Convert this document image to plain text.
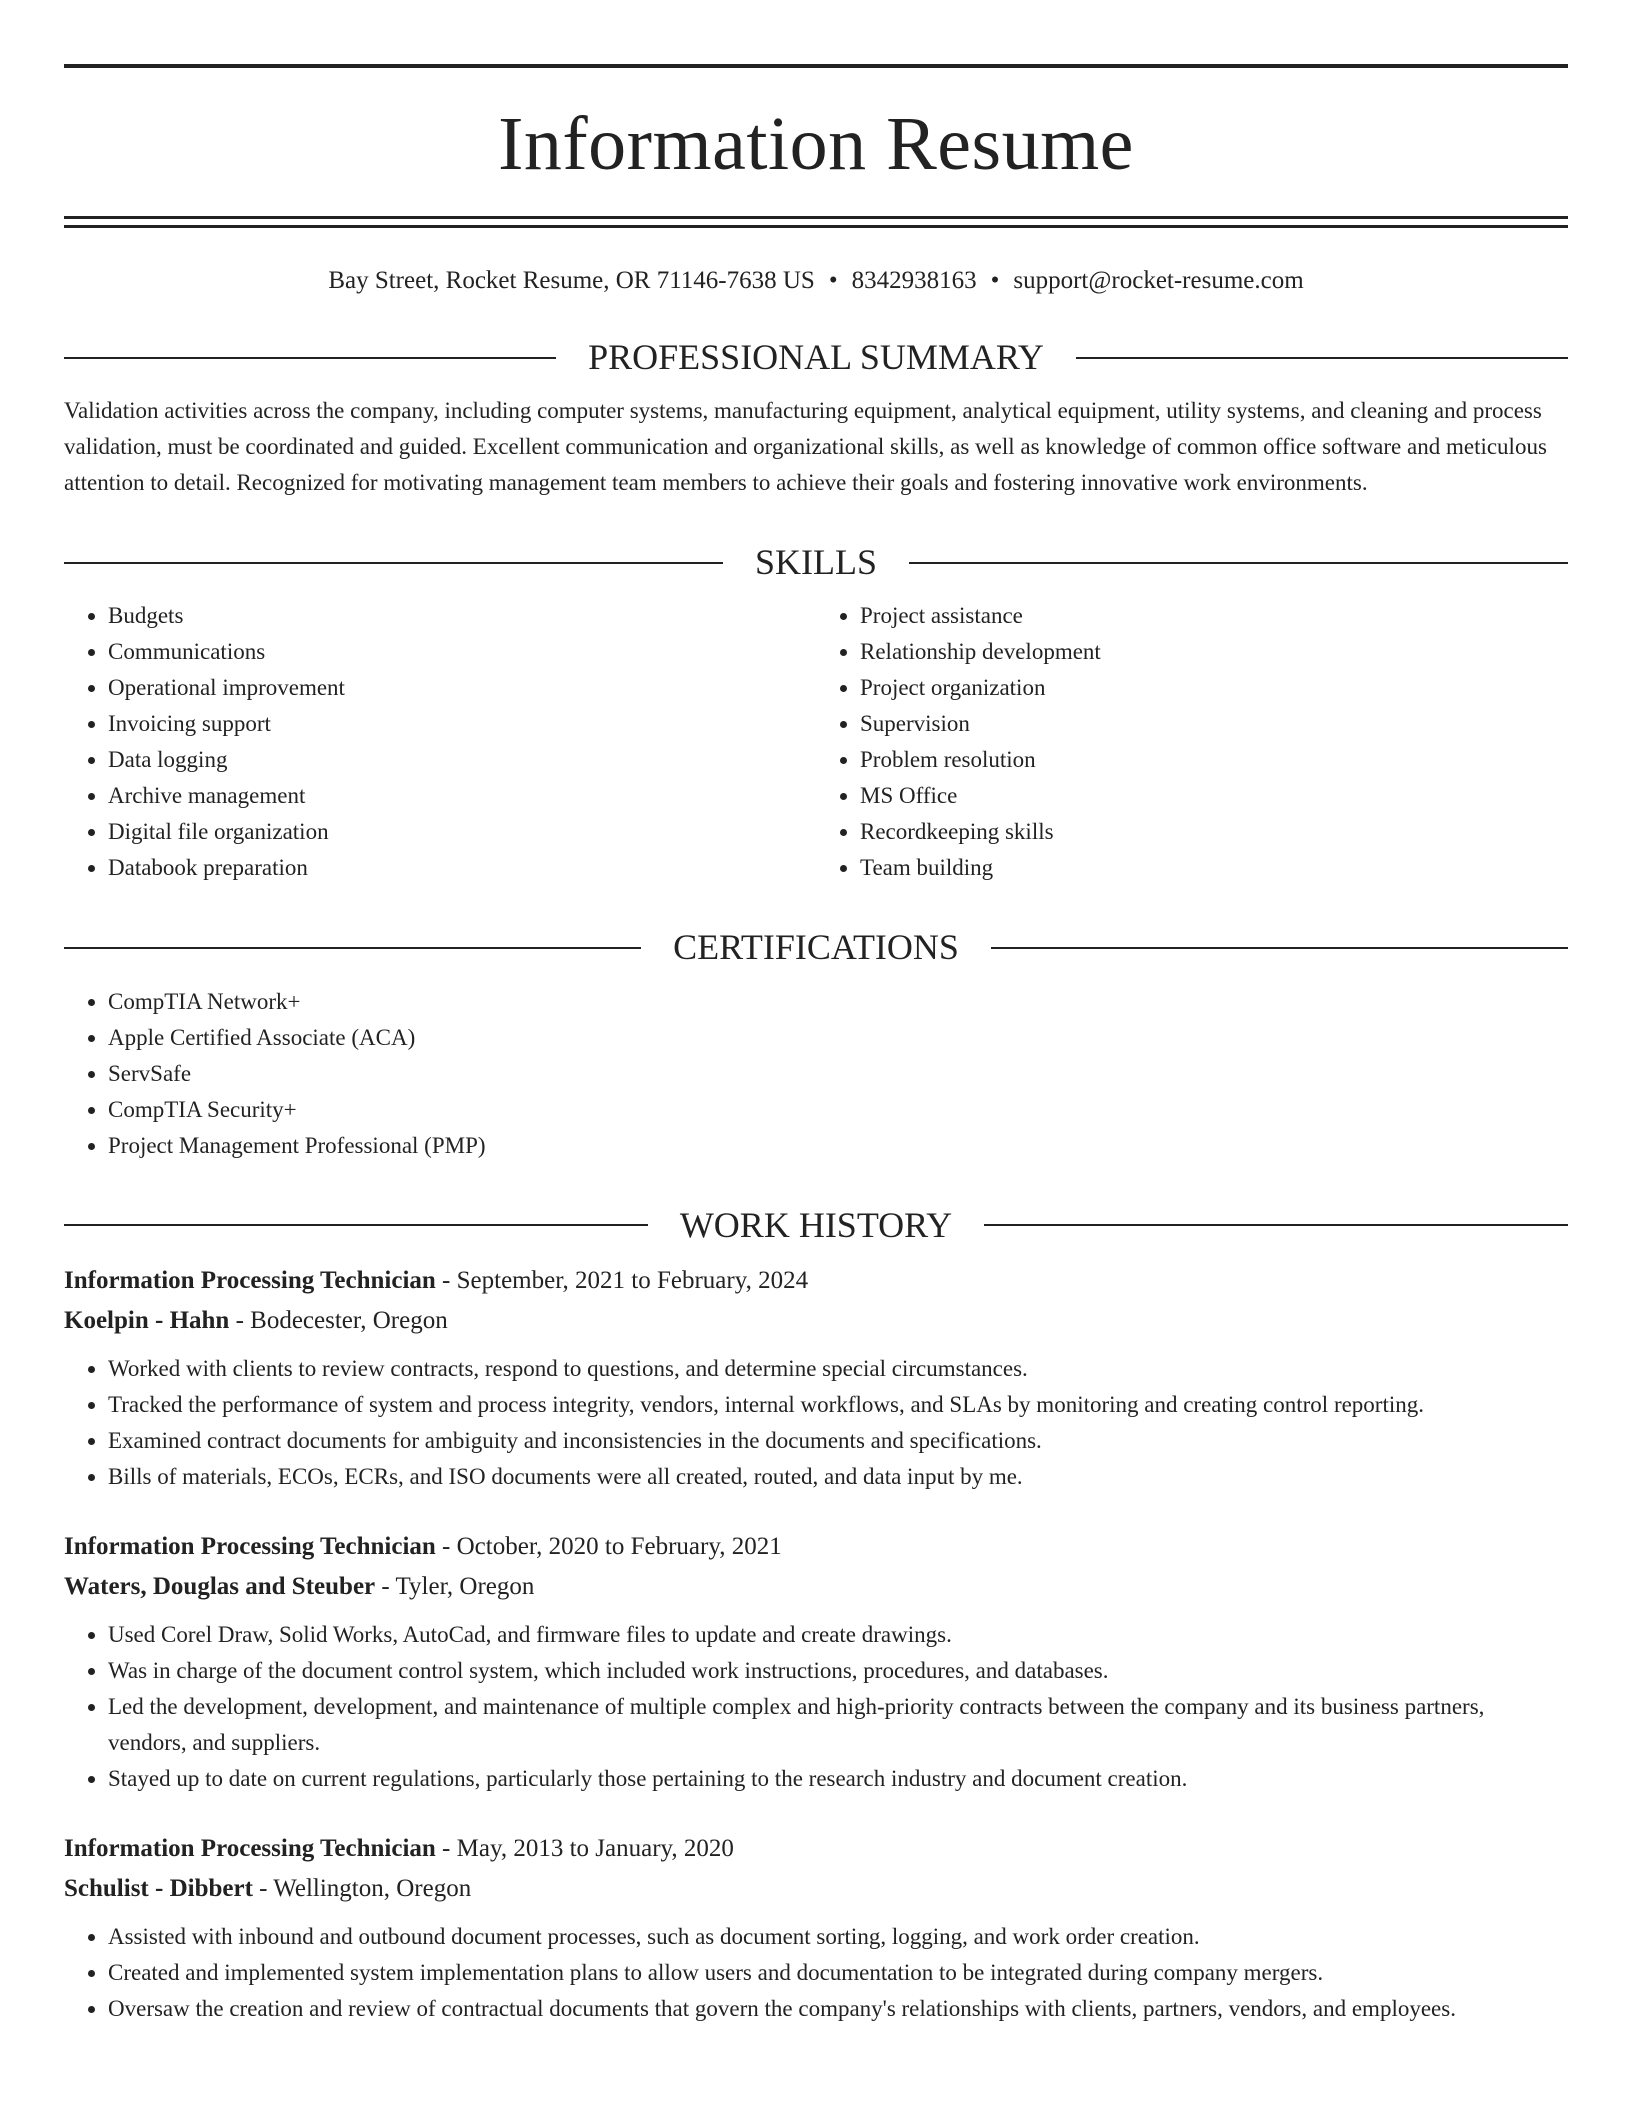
Information Resume
Bay Street, Rocket Resume, OR 71146-7638 US • 8342938163 • support@rocket-resume.com
PROFESSIONAL SUMMARY

Validation activities across the company, including computer systems, manufacturing equipment, analytical equipment, utility systems, and cleaning and process validation, must be coordinated and guided. Excellent communication and organizational skills, as well as knowledge of common office software and meticulous attention to detail. Recognized for motivating management team members to achieve their goals and fostering innovative work environments.

SKILLS
• Budgets
• Communications
• Operational improvement
• Invoicing support
• Data logging
• Archive management
• Digital file organization
• Databook preparation
• Project assistance
• Relationship development
• Project organization
• Supervision
• Problem resolution
• MS Office
• Recordkeeping skills
• Team building
CERTIFICATIONS
• CompTIA Network+
• Apple Certified Associate (ACA)
• ServSafe
• CompTIA Security+
• Project Management Professional (PMP)
WORK HISTORY
Information Processing Technician - September, 2021 to February, 2024
Koelpin - Hahn - Bodecester, Oregon
• Worked with clients to review contracts, respond to questions, and determine special circumstances.
• Tracked the performance of system and process integrity, vendors, internal workflows, and SLAs by monitoring and creating control reporting.
• Examined contract documents for ambiguity and inconsistencies in the documents and specifications.
• Bills of materials, ECOs, ECRs, and ISO documents were all created, routed, and data input by me.
Information Processing Technician - October, 2020 to February, 2021
Waters, Douglas and Steuber - Tyler, Oregon
• Used Corel Draw, Solid Works, AutoCad, and firmware files to update and create drawings.
• Was in charge of the document control system, which included work instructions, procedures, and databases.
• Led the development, development, and maintenance of multiple complex and high-priority contracts between the company and its business partners, vendors, and suppliers.
• Stayed up to date on current regulations, particularly those pertaining to the research industry and document creation.
Information Processing Technician - May, 2013 to January, 2020
Schulist - Dibbert - Wellington, Oregon
• Assisted with inbound and outbound document processes, such as document sorting, logging, and work order creation.
• Created and implemented system implementation plans to allow users and documentation to be integrated during company mergers.
• Oversaw the creation and review of contractual documents that govern the company's relationships with clients, partners, vendors, and employees.
